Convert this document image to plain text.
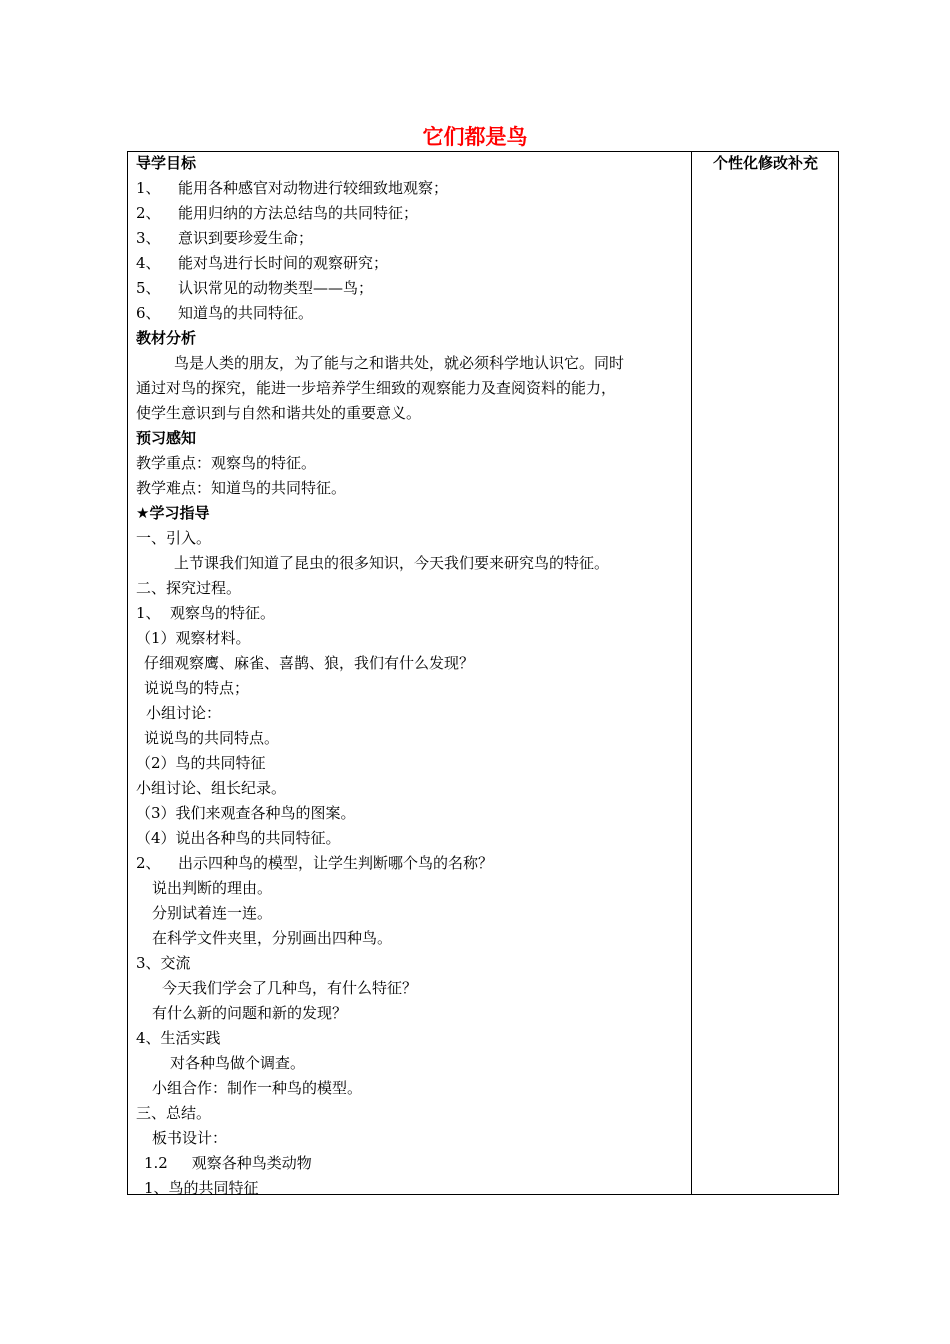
它们都是鸟
导学目标
1、 能用各种感官对动物进行较细致地观察；
2、 能用归纳的方法总结鸟的共同特征；
3、 意识到要珍爱生命；
4、 能对鸟进行长时间的观察研究；
5、 认识常见的动物类型——鸟；
6、 知道鸟的共同特征。
教材分析
鸟是人类的朋友，为了能与之和谐共处，就必须科学地认识它。同时
通过对鸟的探究，能进一步培养学生细致的观察能力及查阅资料的能力，
使学生意识到与自然和谐共处的重要意义。
预习感知
教学重点：观察鸟的特征。
教学难点：知道鸟的共同特征。
★学习指导
一、引入。
上节课我们知道了昆虫的很多知识，今天我们要来研究鸟的特征。
二、探究过程。
1、 观察鸟的特征。
（1）观察材料。
仔细观察鹰、麻雀、喜鹊、狼，我们有什么发现？
说说鸟的特点；
小组讨论：
说说鸟的共同特点。
（2）鸟的共同特征
小组讨论、组长纪录。
（3）我们来观查各种鸟的图案。
（4）说出各种鸟的共同特征。
2、 出示四种鸟的模型，让学生判断哪个鸟的名称？
说出判断的理由。
分别试着连一连。
在科学文件夹里，分别画出四种鸟。
3、交流
今天我们学会了几种鸟，有什么特征？
有什么新的问题和新的发现？
4、生活实践
对各种鸟做个调查。
小组合作：制作一种鸟的模型。
三、总结。
板书设计：
1.2     观察各种鸟类动物
1、鸟的共同特征
个性化修改补充
